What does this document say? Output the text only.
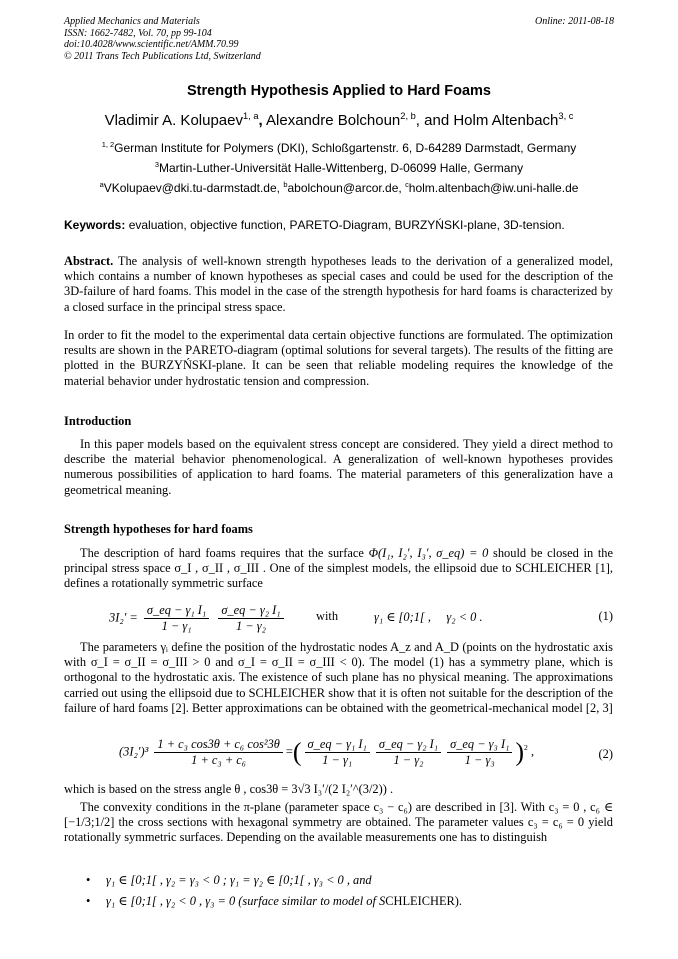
Applied Mechanics and Materials
ISSN: 1662-7482, Vol. 70, pp 99-104
doi:10.4028/www.scientific.net/AMM.70.99
© 2011 Trans Tech Publications Ltd, Switzerland
Online: 2011-08-18
Strength Hypothesis Applied to Hard Foams
Vladimir A. Kolupaev$^{1, a}$, Alexandre Bolchoun$^{2, b}$, and Holm Altenbach$^{3, c}$
$^{1, 2}$German Institute for Polymers (DKI), Schloßgartenstr. 6, D-64289 Darmstadt, Germany
$^3$Martin-Luther-Universität Halle-Wittenberg, D-06099 Halle, Germany
$^a$VKolupaev@dki.tu-darmstadt.de, $^b$abolchoun@arcor.de, $^c$holm.altenbach@iw.uni-halle.de
Keywords: evaluation, objective function, PARETO-Diagram, BURZYŃSKI-plane, 3D-tension.
Abstract. The analysis of well-known strength hypotheses leads to the derivation of a generalized model, which contains a number of known hypotheses as special cases and could be used for the description of the 3D-failure of hard foams. This model in the case of the strength hypothesis for hard foams is characterized by a closed surface in the principal stress space.
In order to fit the model to the experimental data certain objective functions are formulated. The optimization results are shown in the PARETO-diagram (optimal solutions for several targets). The results of the fitting are plotted in the BURZYŃSKI-plane. It can be seen that reliable modeling requires the knowledge of the material behavior under hydrostatic tension and compression.
Introduction
In this paper models based on the equivalent stress concept are considered. They yield a direct method to describe the material behavior phenomenological. A generalization of well-known hypotheses provides numerous possibilities of application to hard foams. The material parameters of this generalization have a geometrical meaning.
Strength hypotheses for hard foams
The description of hard foams requires that the surface Φ(I₁, I₂′, I₃′, σ_eq) = 0 should be closed in the principal stress space σ_I , σ_II , σ_III . One of the simplest models, the ellipsoid due to SCHLEICHER [1], defines a rotationally symmetric surface
$3I_2' = \frac{\text{σ\_eq − γ₁ I₁}}{\text{1 − γ₁}}$
$\frac{\text{σ\_eq − γ₂ I₁}}{\text{1 − γ₂}}$	with	γ₁ ∈ [0;1[ ,     γ₂ < 0 .	(1)
The parameters γᵢ define the position of the hydrostatic nodes A_z and A_D (points on the hydrostatic axis with σ_I = σ_II = σ_III > 0 and σ_I = σ_II = σ_III < 0). The model (1) has a symmetry plane, which is orthogonal to the hydrostatic axis. The existence of such plane has no physical meaning. The approximations carried out using the ellipsoid due to SCHLEICHER show that it is often not suitable for the description of the failure of hard foams [2]. Better approximations can be obtained with the geometrical-mechanical model [2, 3]
$(3I_2')^3 \frac{\text{1 + c₃ cos3θ + c₆ cos²3θ}}{\text{1 + c₃ + c₆}}$ =( $\frac{\text{σ\_eq − γ₁ I₁}}{\text{1 − γ₁}} \frac{\text{σ\_eq − γ₂ I₁}}{\text{1 − γ₂}} \frac{\text{σ\_eq − γ₃ I₁}}{\text{1 − γ₃}} )^2$ ,	(2)
which is based on the stress angle θ , cos3θ = 3√3 I₃′/(2 I₂′^(3/2)) .
The convexity conditions in the π-plane (parameter space c₃ − c₆) are described in [3]. With c₃ = 0 , c₆ ∈ [−1/3;1/2] the cross sections with hexagonal symmetry are obtained. The parameter values c₃ = c₆ = 0 yield rotationally symmetric surfaces. Depending on the available measurements one has to distinguish
• γ₁ ∈ [0;1[ , γ₂ = γ₃ < 0 ; γ₁ = γ₂ ∈ [0;1[ , γ₃ < 0 , and
• γ₁ ∈ [0;1[ , γ₂ < 0 , γ₃ = 0 (surface similar to model of SCHLEICHER).
